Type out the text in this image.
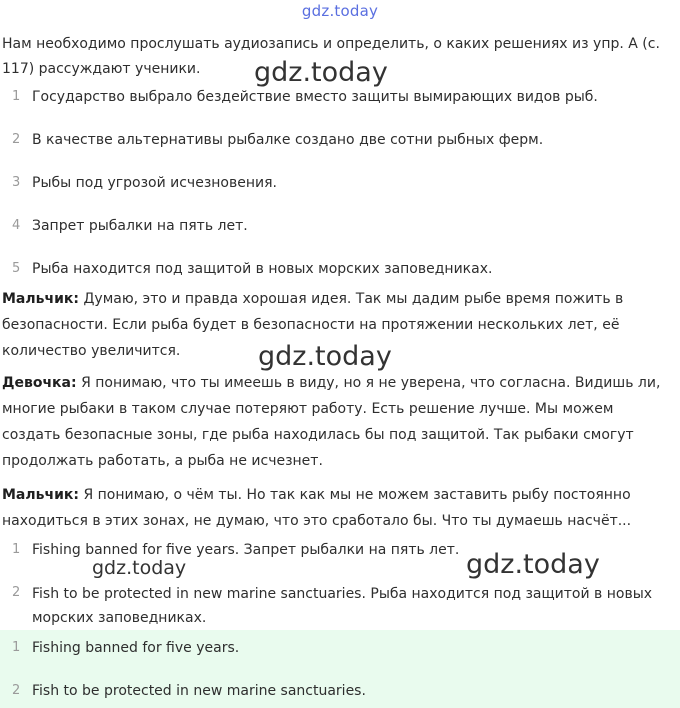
gdz.today
Нам необходимо прослушать аудиозапись и определить, о каких решениях из упр. A (с. 117) рассуждают ученики.
1 Государство выбрало бездействие вместо защиты вымирающих видов рыб.
2 В качестве альтернативы рыбалке создано две сотни рыбных ферм.
3 Рыбы под угрозой исчезновения.
4 Запрет рыбалки на пять лет.
5 Рыба находится под защитой в новых морских заповедниках.
Мальчик: Думаю, это и правда хорошая идея. Так мы дадим рыбе время пожить в безопасности. Если рыба будет в безопасности на протяжении нескольких лет, её количество увеличится.
Девочка: Я понимаю, что ты имеешь в виду, но я не уверена, что согласна. Видишь ли, многие рыбаки в таком случае потеряют работу. Есть решение лучше. Мы можем создать безопасные зоны, где рыба находилась бы под защитой. Так рыбаки смогут продолжать работать, а рыба не исчезнет.
Мальчик: Я понимаю, о чём ты. Но так как мы не можем заставить рыбу постоянно находиться в этих зонах, не думаю, что это сработало бы. Что ты думаешь насчёт...
1 Fishing banned for five years. Запрет рыбалки на пять лет.
2 Fish to be protected in new marine sanctuaries. Рыба находится под защитой в новых морских заповедниках.
1 Fishing banned for five years.
2 Fish to be protected in new marine sanctuaries.
gdz.today
gdz.today
gdz.today	gdz.today
